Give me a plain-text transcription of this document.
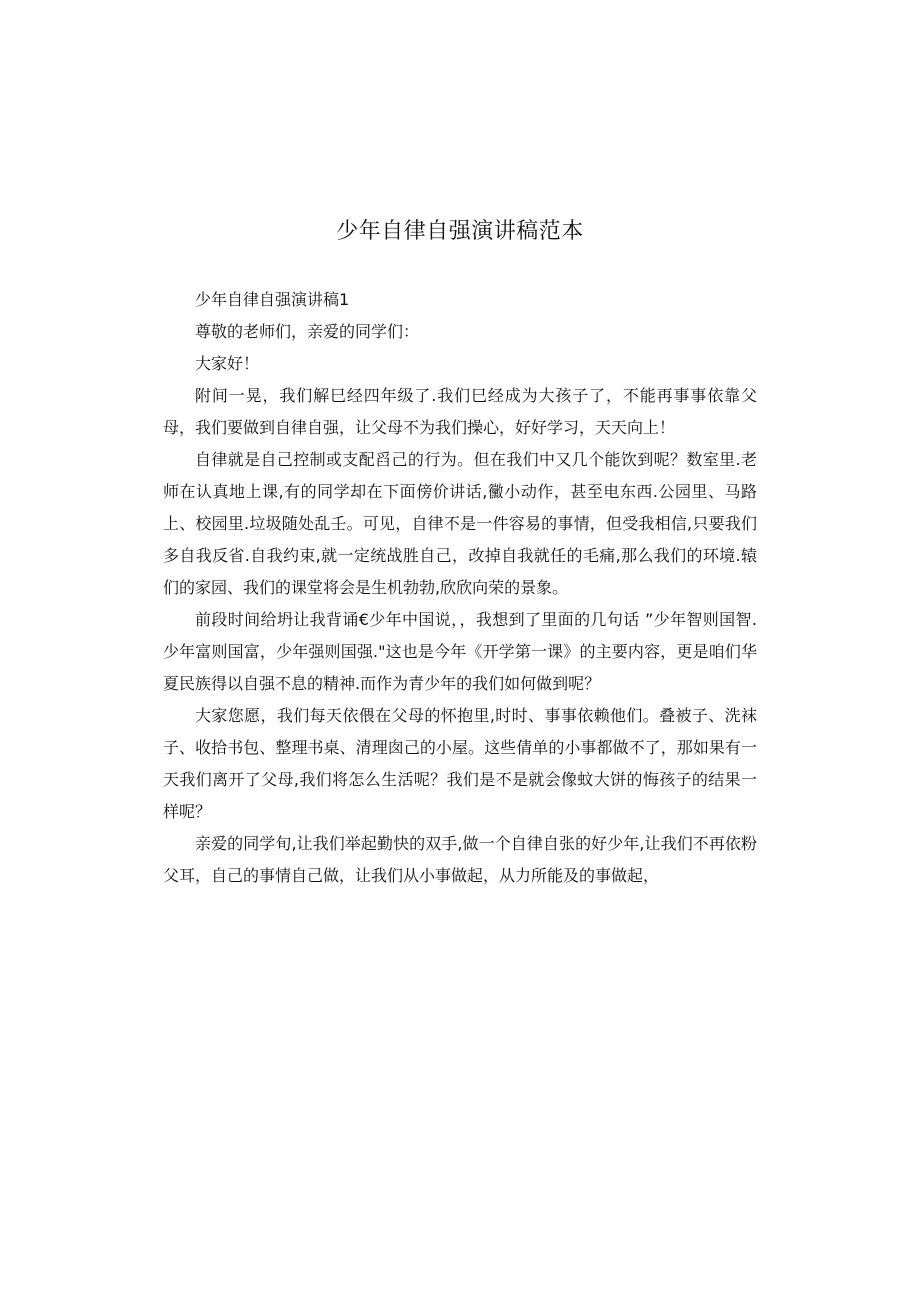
少年自律自强演讲稿范本

少年自律自强演讲稿1

尊敬的老师们，亲爱的同学们：

大家好！

附间一晃，我们解巳经四年级了.我们巳经成为大孩子了，不能再事事依靠父母，我们要做到自律自强，让父母不为我们操心，好好学习，天天向上！

自律就是自己控制或支配舀己的行为。但在我们中又几个能饮到呢？数室里.老师在认真地上课,有的同学却在下面傍价讲话,黴小动作，甚至电东西.公园里、马路上、校园里.垃圾随处乱壬。可见，自律不是一件容易的事情，但受我相信,只要我们多自我反省.自我约束,就一定统战胜自己，改掉自我就任的毛痛,那么我们的环境.辕们的家园、我们的课堂将会是生机勃勃,欣欣向荣的景象。

前段时间给坍让我背诵€少年中国说，，我想到了里面的几句话 ”少年智则国智.少年富则国富，少年强则国强."这也是今年《开学第一课》的主要内容，更是咱们华夏民族得以自强不息的精神.而作为青少年的我们如何做到呢？

大家您愿，我们每天依偎在父母的怀抱里,时时、事事依赖他们。叠被子、洗袜子、收拾书包、整理书桌、清理囱己的小屋。这些倩单的小事都做不了，那如果有一天我们离开了父母,我们将怎么生活呢？我们是不是就会像蚊大饼的悔孩子的结果一样呢？

亲爱的同学旬,让我们举起勤快的双手,做一个自律自张的好少年,让我们不再依粉父耳，自己的事情自己做，让我们从小事做起，从力所能及的事做起，
